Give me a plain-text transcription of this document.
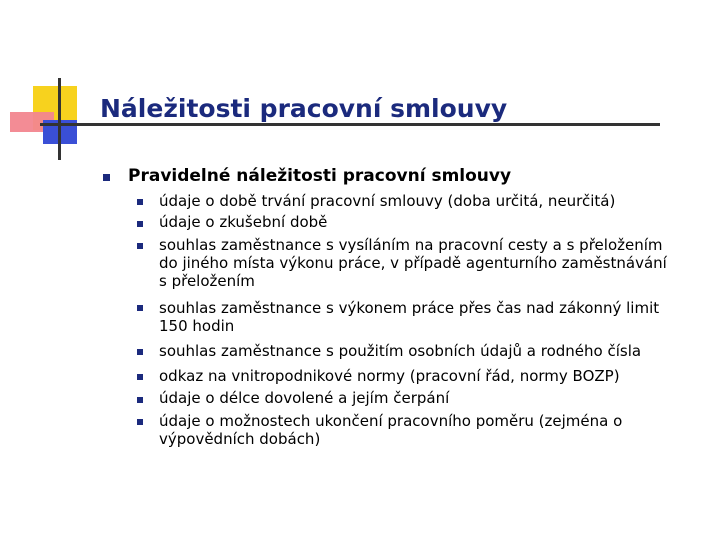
Náležitosti pracovní smlouvy

Pravidelné náležitosti pracovní smlouvy

údaje o době trvání pracovní smlouvy (doba určitá, neurčitá)

údaje o zkušební době

souhlas zaměstnance s vysíláním na pracovní cesty a s přeložením
do jiného místa výkonu práce, v případě agenturního zaměstnávání
s přeložením

souhlas zaměstnance s výkonem práce přes čas nad zákonný limit
150 hodin

souhlas zaměstnance s použitím osobních údajů a rodného čísla

odkaz na vnitropodnikové normy (pracovní řád, normy BOZP)

údaje o délce dovolené a jejím čerpání

údaje o možnostech ukončení pracovního poměru (zejména o
výpovědních dobách)
